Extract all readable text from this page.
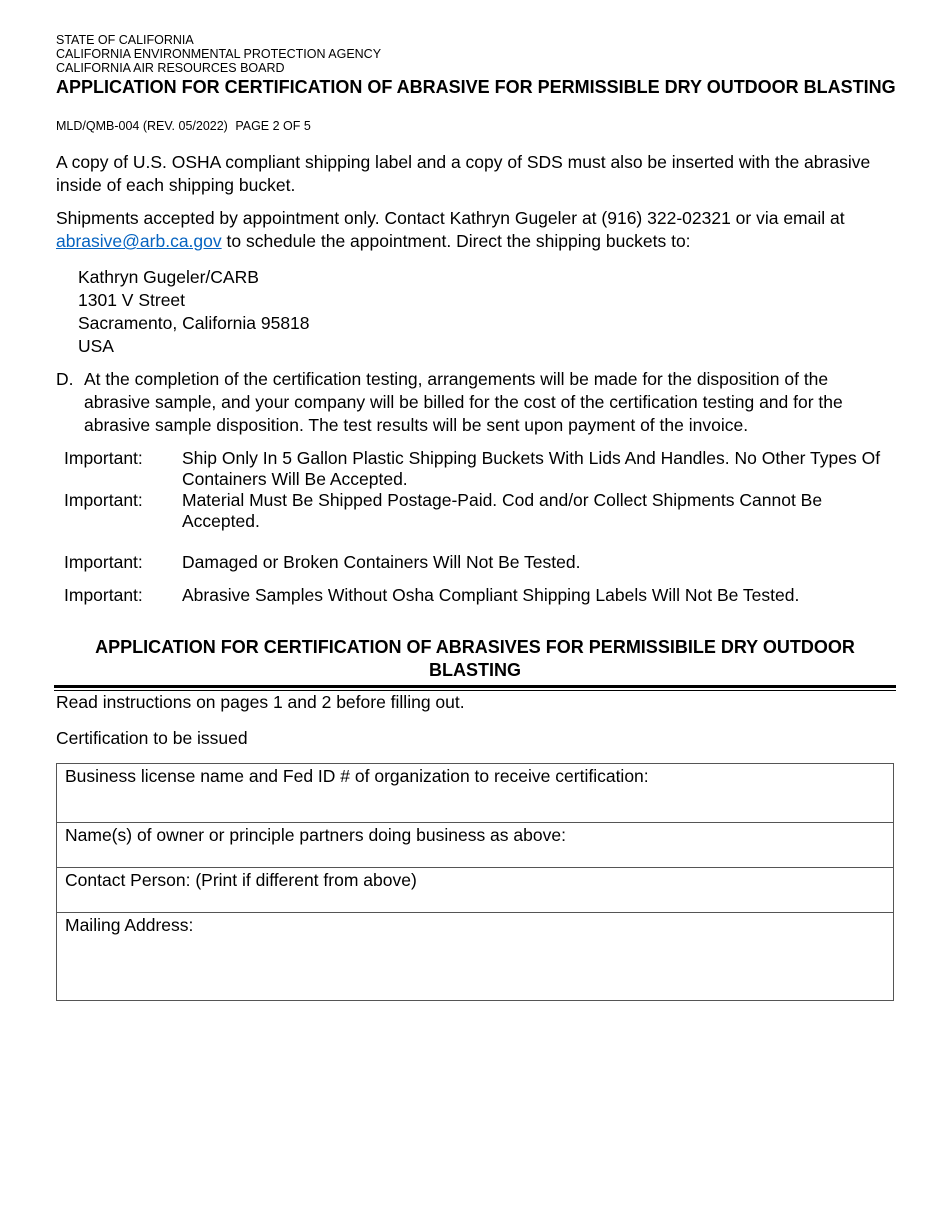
STATE OF CALIFORNIA
CALIFORNIA ENVIRONMENTAL PROTECTION AGENCY
CALIFORNIA AIR RESOURCES BOARD
APPLICATION FOR CERTIFICATION OF ABRASIVE FOR PERMISSIBLE DRY OUTDOOR BLASTING
MLD/QMB-004 (REV. 05/2022) PAGE 2 OF 5
A copy of U.S. OSHA compliant shipping label and a copy of SDS must also be inserted with the abrasive inside of each shipping bucket.
Shipments accepted by appointment only. Contact Kathryn Gugeler at (916) 322-02321 or via email at abrasive@arb.ca.gov to schedule the appointment. Direct the shipping buckets to:
Kathryn Gugeler/CARB
1301 V Street
Sacramento, California 95818
USA
D. At the completion of the certification testing, arrangements will be made for the disposition of the abrasive sample, and your company will be billed for the cost of the certification testing and for the abrasive sample disposition. The test results will be sent upon payment of the invoice.
Important: Ship Only In 5 Gallon Plastic Shipping Buckets With Lids And Handles. No Other Types Of Containers Will Be Accepted.
Important: Material Must Be Shipped Postage-Paid. Cod and/or Collect Shipments Cannot Be Accepted.
Important: Damaged or Broken Containers Will Not Be Tested.
Important: Abrasive Samples Without Osha Compliant Shipping Labels Will Not Be Tested.
APPLICATION FOR CERTIFICATION OF ABRASIVES FOR PERMISSIBILE DRY OUTDOOR BLASTING
Read instructions on pages 1 and 2 before filling out.
Certification to be issued
Business license name and Fed ID # of organization to receive certification:
Name(s) of owner or principle partners doing business as above:
Contact Person: (Print if different from above)
Mailing Address:
